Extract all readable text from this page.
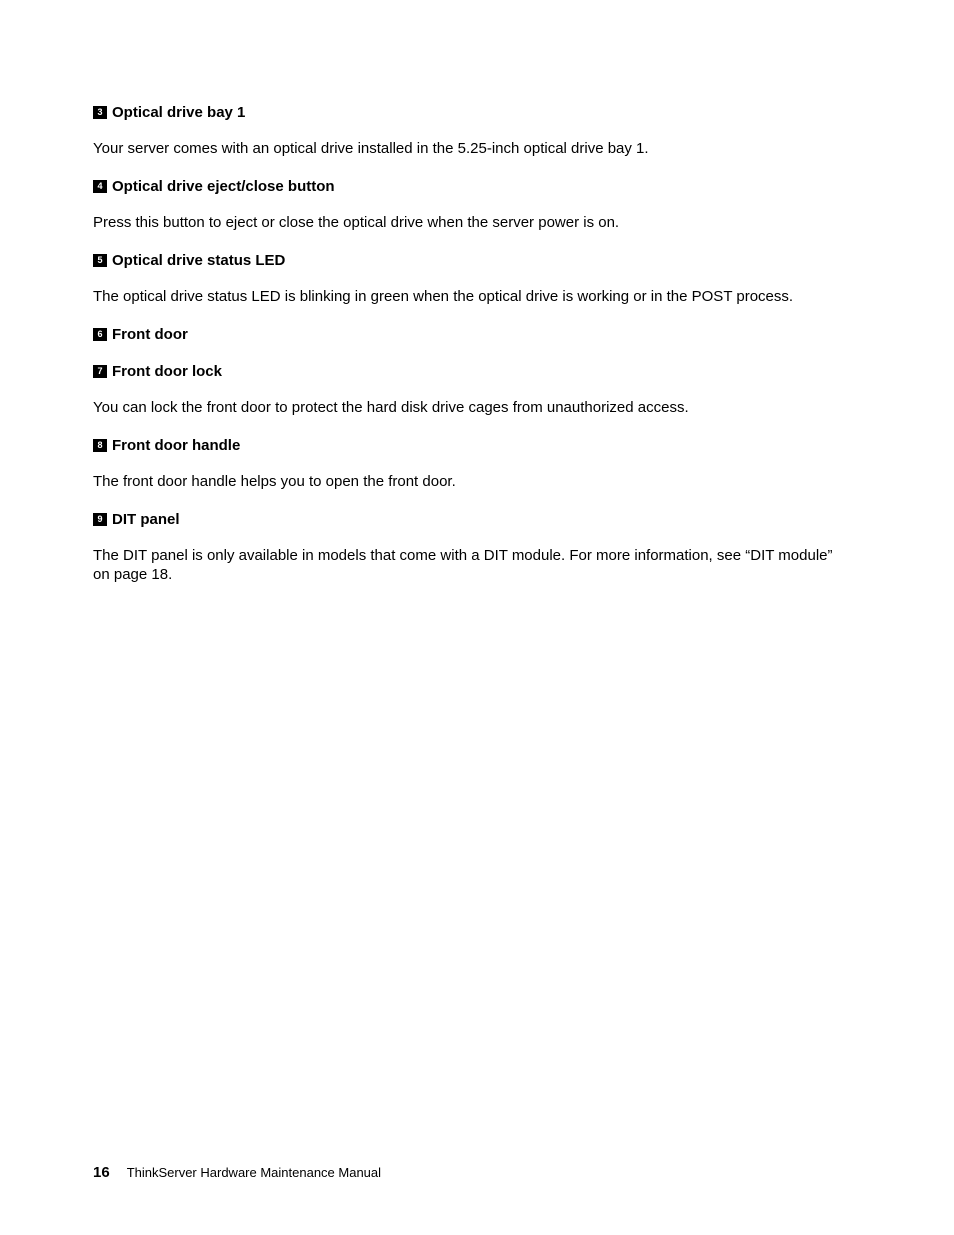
3 Optical drive bay 1

Your server comes with an optical drive installed in the 5.25-inch optical drive bay 1.

4 Optical drive eject/close button

Press this button to eject or close the optical drive when the server power is on.

5 Optical drive status LED

The optical drive status LED is blinking in green when the optical drive is working or in the POST process.

6 Front door
7 Front door lock

You can lock the front door to protect the hard disk drive cages from unauthorized access.

8 Front door handle

The front door handle helps you to open the front door.

9 DIT panel

The DIT panel is only available in models that come with a DIT module. For more information, see “DIT module” on page 18.

16 ThinkServer Hardware Maintenance Manual
